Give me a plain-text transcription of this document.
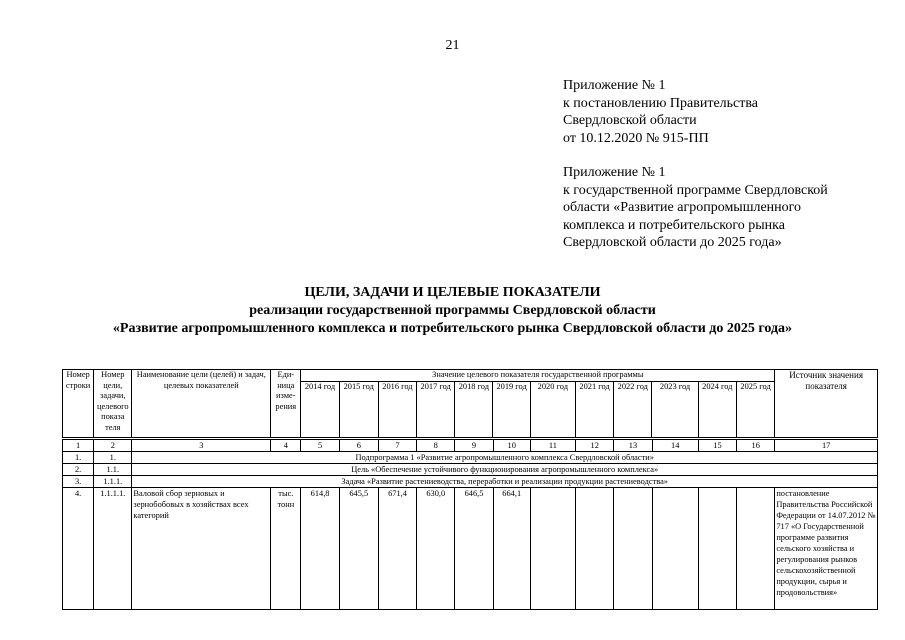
21
Приложение № 1
к постановлению Правительства
Свердловской области
от 10.12.2020 № 915-ПП
Приложение № 1
к государственной программе Свердловской
области «Развитие агропромышленного
комплекса и потребительского рынка
Свердловской области до 2025 года»
ЦЕЛИ, ЗАДАЧИ И ЦЕЛЕВЫЕ ПОКАЗАТЕЛИ
реализации государственной программы Свердловской области
«Развитие агропромышленного комплекса и потребительского рынка Свердловской области до 2025 года»
Номер строки	Номер цели, задачи, целевого показа теля	Наименование цели (целей) и задач, целевых показателей	Еди-ница изме-рения	Значение целевого показателя государственной программы												Источник значения показателя
				2014 год	2015 год	2016 год	2017 год	2018 год	2019 год	2020 год	2021 год	2022 год	2023 год	2024 год	2025 год	
1	2	3	4	5	6	7	8	9	10	11	12	13	14	15	16	17
1.	1.	Подпрограмма 1 «Развитие агропромышленного комплекса Свердловской области»														
2.	1.1.	Цель «Обеспечение устойчивого функционирования агропромышленного комплекса»														
3.	1.1.1.	Задача «Развитие растениеводства, переработки и реализации продукции растениеводства»														
4.	1.1.1.1.	Валовой сбор зерновых и зернобобовых в хозяйствах всех категорий	тыс. тонн	614,8	645,5	671,4	630,0	646,5	664,1							постановление Правительства Российской Федерации от 14.07.2012 № 717 «О Государственной программе развития сельского хозяйства и регулирования рынков сельскохозяйственной продукции, сырья и продовольствия»
